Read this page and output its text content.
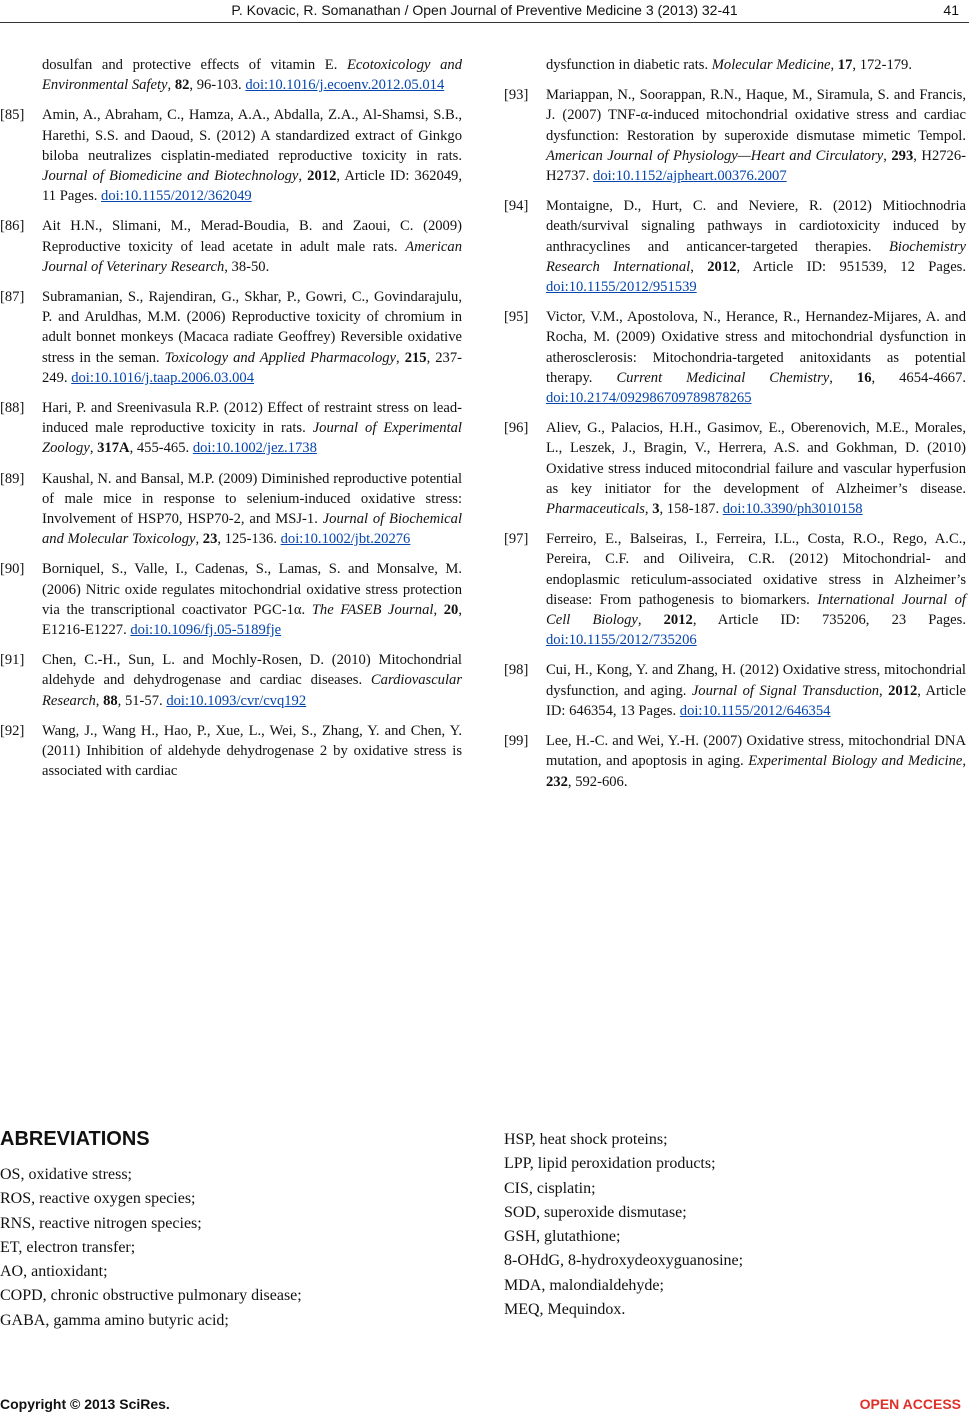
P. Kovacic, R. Somanathan / Open Journal of Preventive Medicine 3 (2013) 32-41	41

dosulfan and protective effects of vitamin E. Ecotoxicology and Environmental Safety, 82, 96-103. doi:10.1016/j.ecoenv.2012.05.014

[85] Amin, A., Abraham, C., Hamza, A.A., Abdalla, Z.A., Al-Shamsi, S.B., Harethi, S.S. and Daoud, S. (2012) A standardized extract of Ginkgo biloba neutralizes cisplatin-mediated reproductive toxicity in rats. Journal of Biomedicine and Biotechnology, 2012, Article ID: 362049, 11 Pages. doi:10.1155/2012/362049

[86] Ait H.N., Slimani, M., Merad-Boudia, B. and Zaoui, C. (2009) Reproductive toxicity of lead acetate in adult male rats. American Journal of Veterinary Research, 38-50.

[87] Subramanian, S., Rajendiran, G., Skhar, P., Gowri, C., Govindarajulu, P. and Aruldhas, M.M. (2006) Reproductive toxicity of chromium in adult bonnet monkeys (Macaca radiate Geoffrey) Reversible oxidative stress in the seman. Toxicology and Applied Pharmacology, 215, 237-249. doi:10.1016/j.taap.2006.03.004

[88] Hari, P. and Sreenivasula R.P. (2012) Effect of restraint stress on lead-induced male reproductive toxicity in rats. Journal of Experimental Zoology, 317A, 455-465. doi:10.1002/jez.1738

[89] Kaushal, N. and Bansal, M.P. (2009) Diminished reproductive potential of male mice in response to selenium-induced oxidative stress: Involvement of HSP70, HSP70-2, and MSJ-1. Journal of Biochemical and Molecular Toxicology, 23, 125-136. doi:10.1002/jbt.20276

[90] Borniquel, S., Valle, I., Cadenas, S., Lamas, S. and Monsalve, M. (2006) Nitric oxide regulates mitochondrial oxidative stress protection via the transcriptional coactivator PGC-1α. The FASEB Journal, 20, E1216-E1227. doi:10.1096/fj.05-5189fje

[91] Chen, C.-H., Sun, L. and Mochly-Rosen, D. (2010) Mitochondrial aldehyde and dehydrogenase and cardiac diseases. Cardiovascular Research, 88, 51-57. doi:10.1093/cvr/cvq192

[92] Wang, J., Wang H., Hao, P., Xue, L., Wei, S., Zhang, Y. and Chen, Y. (2011) Inhibition of aldehyde dehydrogenase 2 by oxidative stress is associated with cardiac

dysfunction in diabetic rats. Molecular Medicine, 17, 172-179.

[93] Mariappan, N., Soorappan, R.N., Haque, M., Siramula, S. and Francis, J. (2007) TNF-α-induced mitochondrial oxidative stress and cardiac dysfunction: Restoration by superoxide dismutase mimetic Tempol. American Journal of Physiology—Heart and Circulatory, 293, H2726-H2737. doi:10.1152/ajpheart.00376.2007

[94] Montaigne, D., Hurt, C. and Neviere, R. (2012) Mitiochnodria death/survival signaling pathways in cardiotoxicity induced by anthracyclines and anticancer-targeted therapies. Biochemistry Research International, 2012, Article ID: 951539, 12 Pages. doi:10.1155/2012/951539

[95] Victor, V.M., Apostolova, N., Herance, R., Hernandez-Mijares, A. and Rocha, M. (2009) Oxidative stress and mitochondrial dysfunction in atherosclerosis: Mitochondria-targeted anitoxidants as potential therapy. Current Medicinal Chemistry, 16, 4654-4667. doi:10.2174/092986709789878265

[96] Aliev, G., Palacios, H.H., Gasimov, E., Oberenovich, M.E., Morales, L., Leszek, J., Bragin, V., Herrera, A.S. and Gokhman, D. (2010) Oxidative stress induced mitocondrial failure and vascular hyperfusion as key initiator for the development of Alzheimer’s disease. Pharmaceuticals, 3, 158-187. doi:10.3390/ph3010158

[97] Ferreiro, E., Balseiras, I., Ferreira, I.L., Costa, R.O., Rego, A.C., Pereira, C.F. and Oiliveira, C.R. (2012) Mitochondrial- and endoplasmic reticulum-associated oxidative stress in Alzheimer’s disease: From pathogenesis to biomarkers. International Journal of Cell Biology, 2012, Article ID: 735206, 23 Pages. doi:10.1155/2012/735206

[98] Cui, H., Kong, Y. and Zhang, H. (2012) Oxidative stress, mitochondrial dysfunction, and aging. Journal of Signal Transduction, 2012, Article ID: 646354, 13 Pages. doi:10.1155/2012/646354

[99] Lee, H.-C. and Wei, Y.-H. (2007) Oxidative stress, mitochondrial DNA mutation, and apoptosis in aging. Experimental Biology and Medicine, 232, 592-606.

ABREVIATIONS
OS, oxidative stress;
ROS, reactive oxygen species;
RNS, reactive nitrogen species;
ET, electron transfer;
AO, antioxidant;
COPD, chronic obstructive pulmonary disease;
GABA, gamma amino butyric acid;
HSP, heat shock proteins;
LPP, lipid peroxidation products;
CIS, cisplatin;
SOD, superoxide dismutase;
GSH, glutathione;
8-OHdG, 8-hydroxydeoxyguanosine;
MDA, malondialdehyde;
MEQ, Mequindox.
Copyright © 2013 SciRes.	OPEN ACCESS
